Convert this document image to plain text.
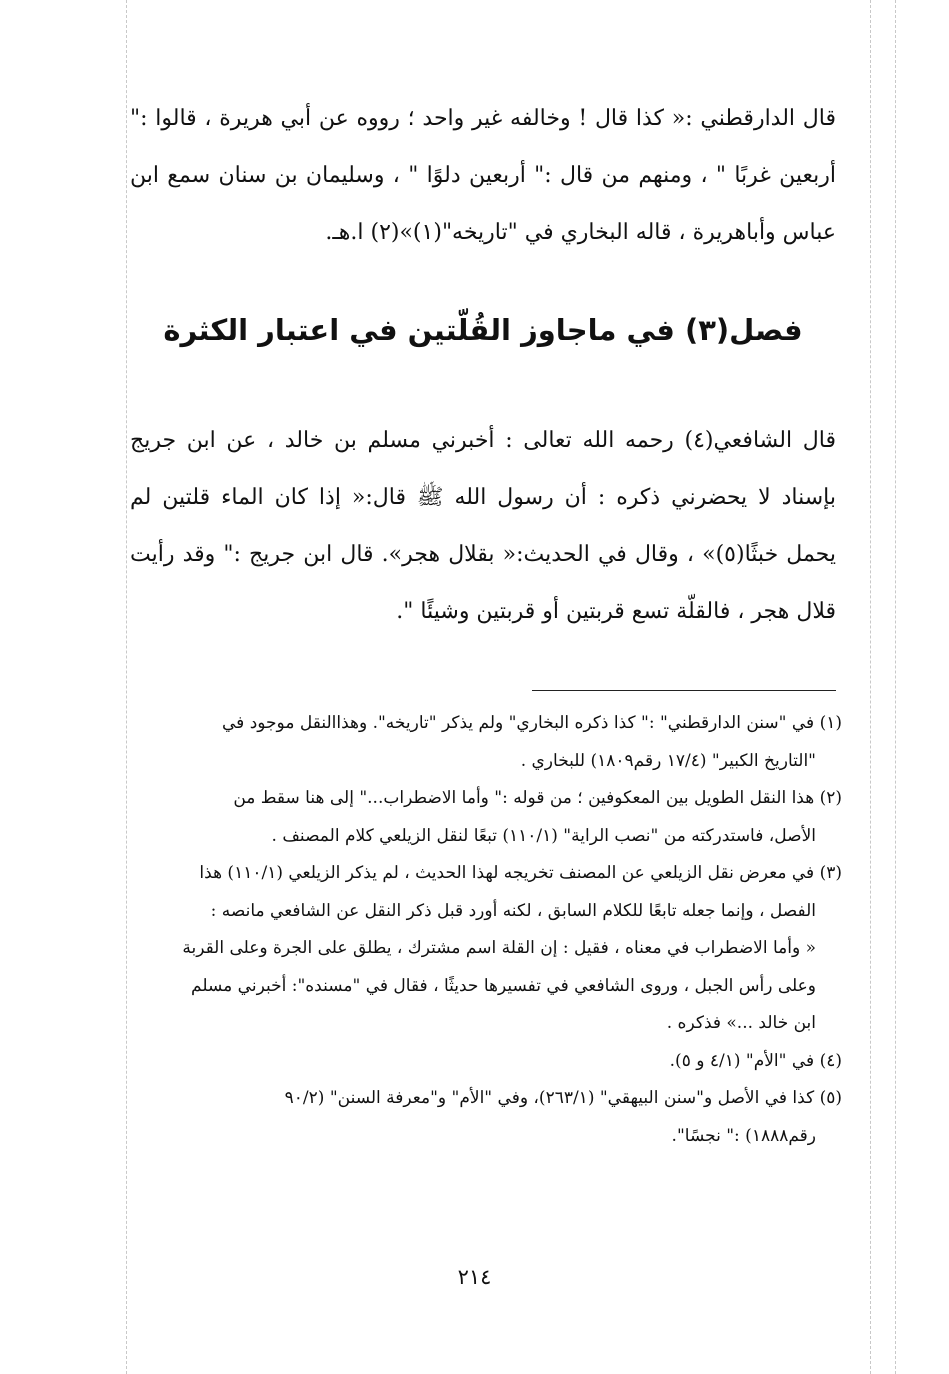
قال الدارقطني :« كذا قال ! وخالفه غير واحد ؛ رووه عن أبي هريرة ، قالوا :" أربعين غربًا " ، ومنهم من قال :" أربعين دلوًا " ، وسليمان بن سنان سمع ابن عباس وأباهريرة ، قاله البخاري في "تاريخه"(١)»(٢) ا.هـ.
فصل(٣) في ماجاوز القُلّتين في اعتبار الكثرة
قال الشافعي(٤) رحمه الله تعالى : أخبرني مسلم بن خالد ، عن ابن جريج بإسناد لا يحضرني ذكره : أن رسول الله ﷺ قال:« إذا كان الماء قلتين لم يحمل خبثًا(٥)» ، وقال في الحديث:« بقلال هجر». قال ابن جريج :" وقد رأيت قلال هجر ، فالقلّة تسع قربتين أو قربتين وشيئًا ".
(١) في "سنن الدارقطني" :" كذا ذكره البخاري" ولم يذكر "تاريخه". وهذاالنقل موجود في
"التاريخ الكبير" (١٧/٤ رقم١٨٠٩) للبخاري .
(٢) هذا النقل الطويل بين المعكوفين ؛ من قوله :" وأما الاضطراب..." إلى هنا سقط من
الأصل، فاستدركته من "نصب الراية" (١١٠/١) تبعًا لنقل الزيلعي كلام المصنف .
(٣) في معرض نقل الزيلعي عن المصنف تخريجه لهذا الحديث ، لم يذكر الزيلعي (١١٠/١) هذا
الفصل ، وإنما جعله تابعًا للكلام السابق ، لكنه أورد قبل ذكر النقل عن الشافعي مانصه :
« وأما الاضطراب في معناه ، فقيل : إن القلة اسم مشترك ، يطلق على الجرة وعلى القربة
وعلى رأس الجبل ، وروى الشافعي في تفسيرها حديثًا ، فقال في "مسنده": أخبرني مسلم
ابن خالد ...» فذكره .
(٤) في "الأم" (٤/١ و ٥).
(٥) كذا في الأصل و"سنن البيهقي" (٢٦٣/١)، وفي "الأم" و"معرفة السنن" (٩٠/٢
رقم١٨٨٨) :" نجسًا".
٢١٤
